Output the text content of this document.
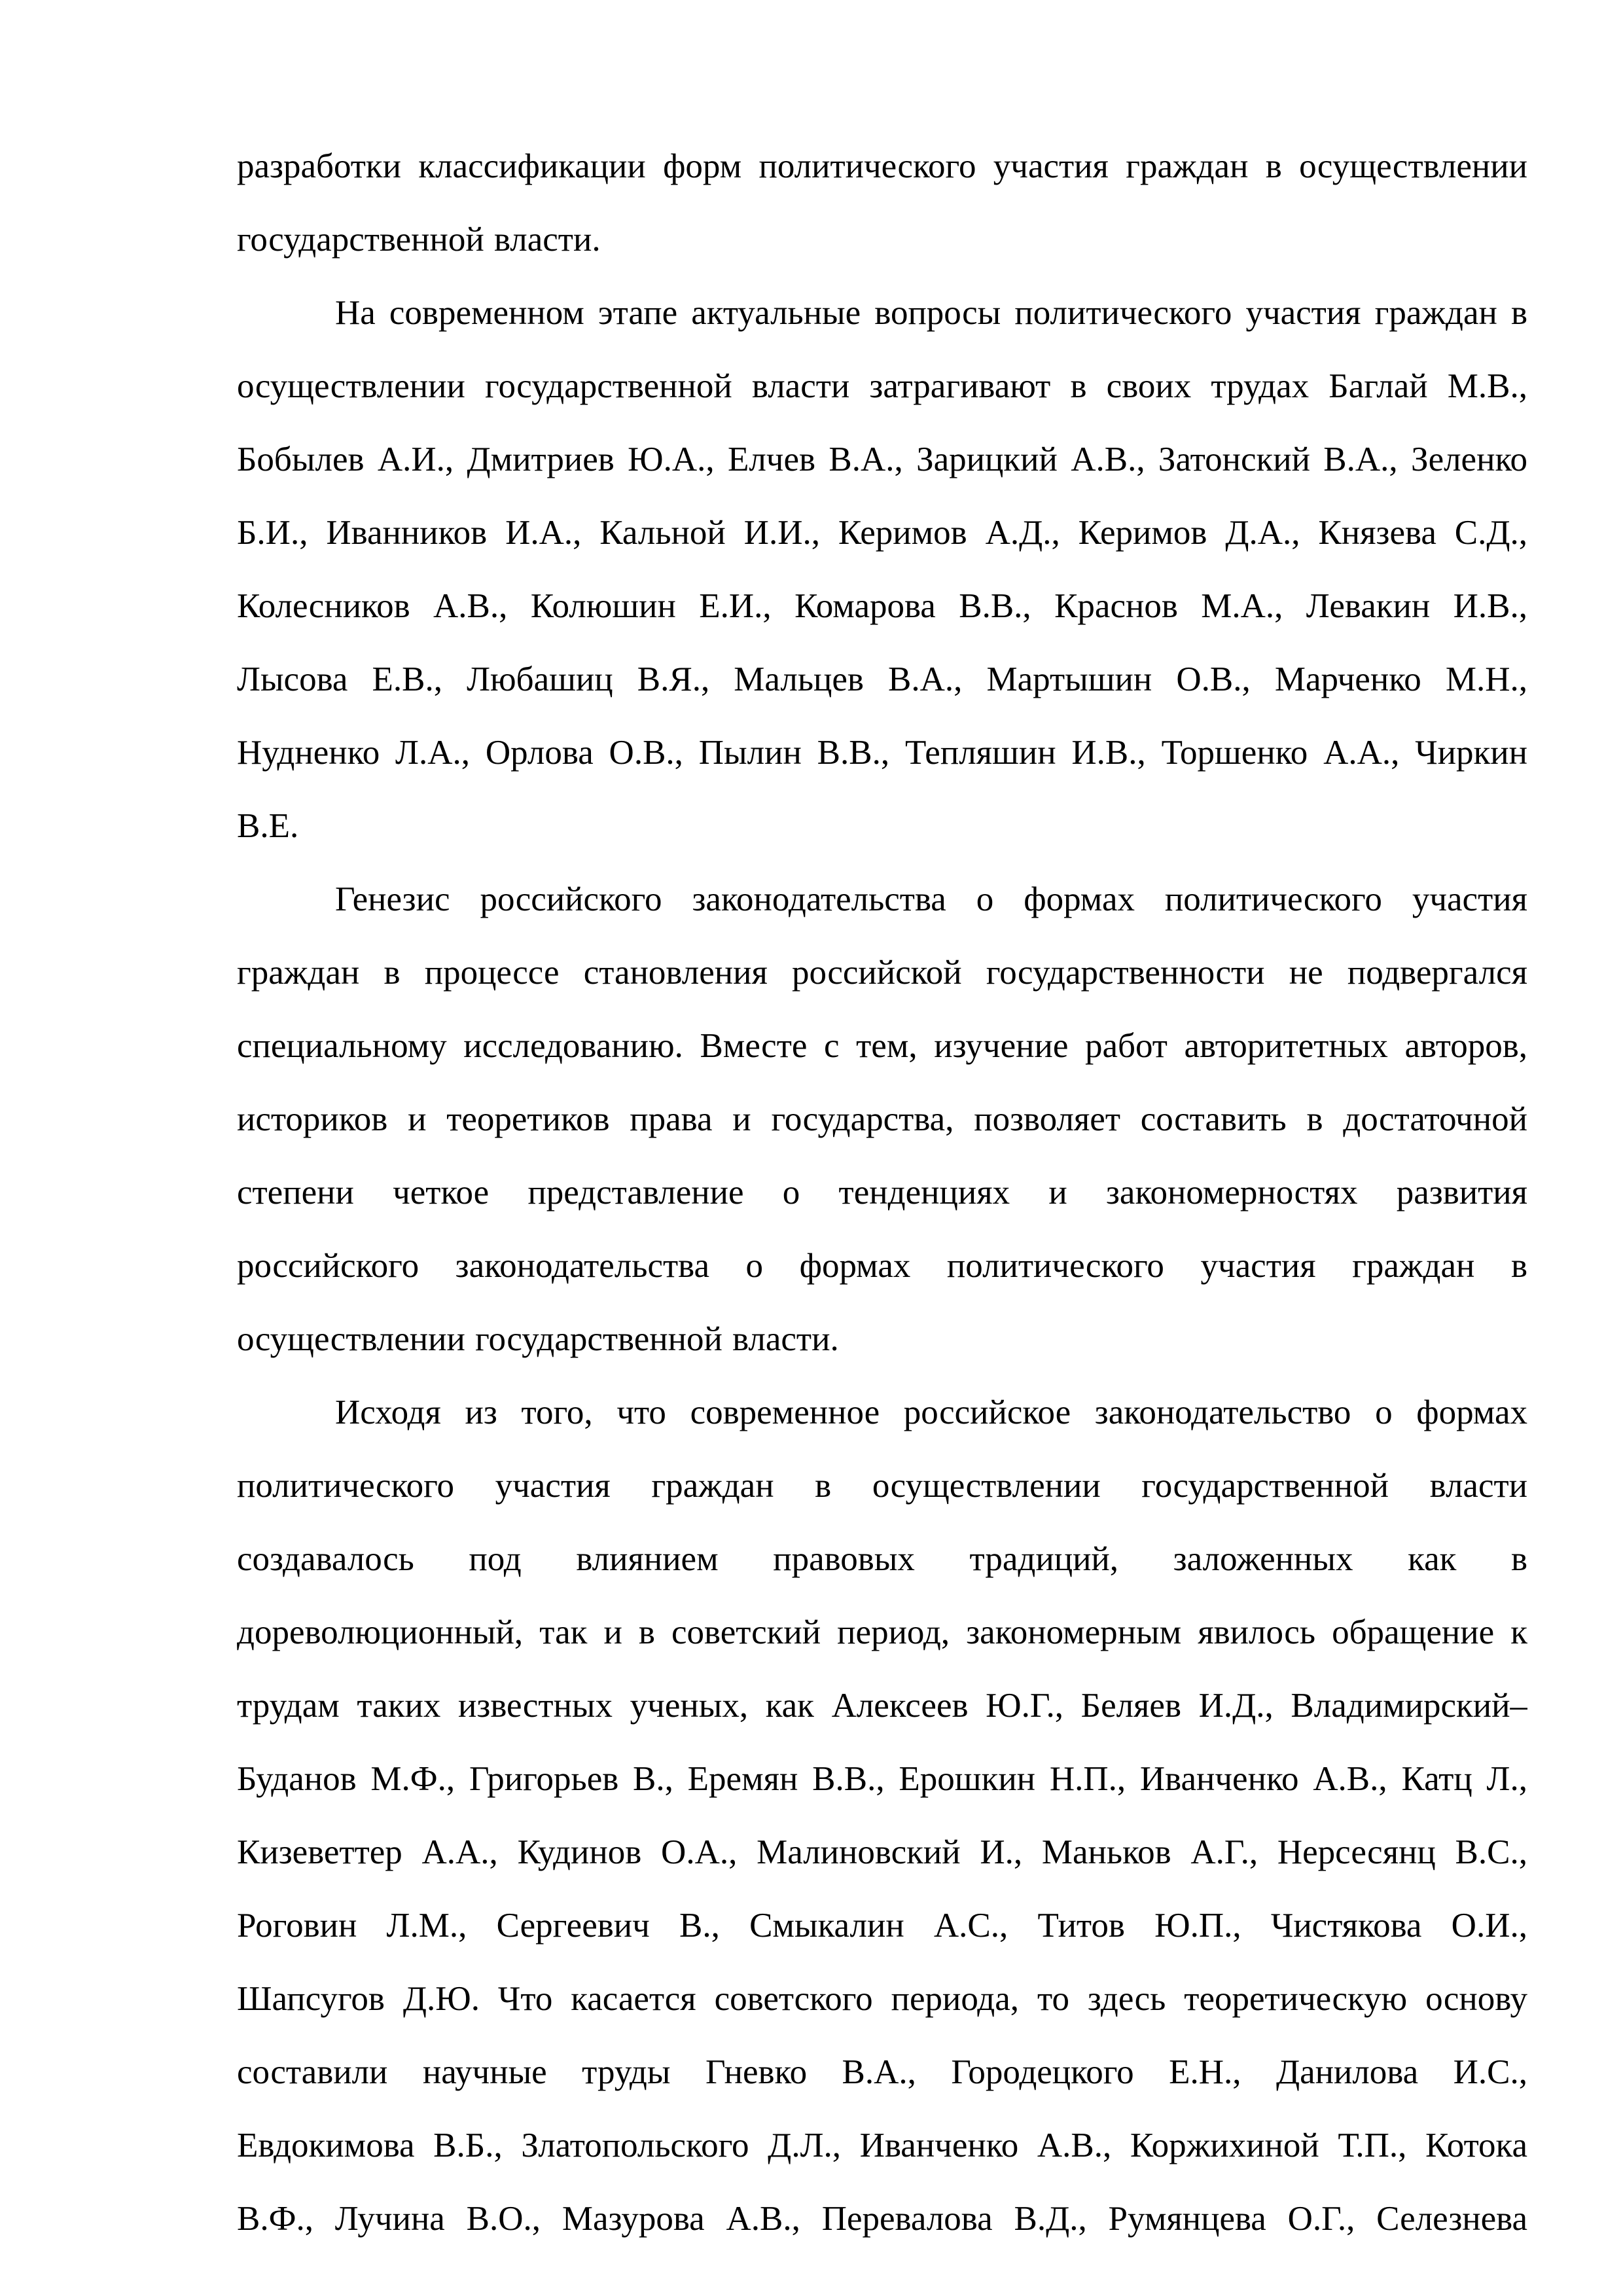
разработки классификации форм политического участия граждан в осуществлении
государственной власти.
На современном этапе актуальные вопросы политического участия граждан в
осуществлении государственной власти затрагивают в своих трудах Баглай М.В.,
Бобылев А.И., Дмитриев Ю.А., Елчев В.А., Зарицкий А.В., Затонский В.А., Зеленко
Б.И., Иванников И.А., Кальной И.И., Керимов А.Д., Керимов Д.А., Князева С.Д.,
Колесников А.В., Колюшин Е.И., Комарова В.В., Краснов М.А., Левакин И.В.,
Лысова Е.В., Любашиц В.Я., Мальцев В.А., Мартышин О.В., Марченко М.Н.,
Нудненко Л.А., Орлова О.В., Пылин В.В., Тепляшин И.В., Торшенко А.А., Чиркин
В.Е.
Генезис российского законодательства о формах политического участия
граждан в процессе становления российской государственности не подвергался
специальному исследованию. Вместе с тем, изучение работ авторитетных авторов,
историков и теоретиков права и государства, позволяет составить в достаточной
степени четкое представление о тенденциях и закономерностях развития
российского законодательства о формах политического участия граждан в
осуществлении государственной власти.
Исходя из того, что современное российское законодательство о формах
политического участия граждан в осуществлении государственной власти
создавалось под влиянием правовых традиций, заложенных как в
дореволюционный, так и в советский период, закономерным явилось обращение к
трудам таких известных ученых, как Алексеев Ю.Г., Беляев И.Д., Владимирский–
Буданов М.Ф., Григорьев В., Еремян В.В., Ерошкин Н.П., Иванченко А.В., Катц Л.,
Кизеветтер А.А., Кудинов О.А., Малиновский И., Маньков А.Г., Нерсесянц В.С.,
Роговин Л.М., Сергеевич В., Смыкалин А.С., Титов Ю.П., Чистякова О.И.,
Шапсугов Д.Ю. Что касается советского периода, то здесь теоретическую основу
составили научные труды Гневко В.А., Городецкого Е.Н., Данилова И.С.,
Евдокимова В.Б., Златопольского Д.Л., Иванченко А.В., Коржихиной Т.П., Котока
В.Ф., Лучина В.О., Мазурова А.В., Перевалова В.Д., Румянцева О.Г., Селезнева
